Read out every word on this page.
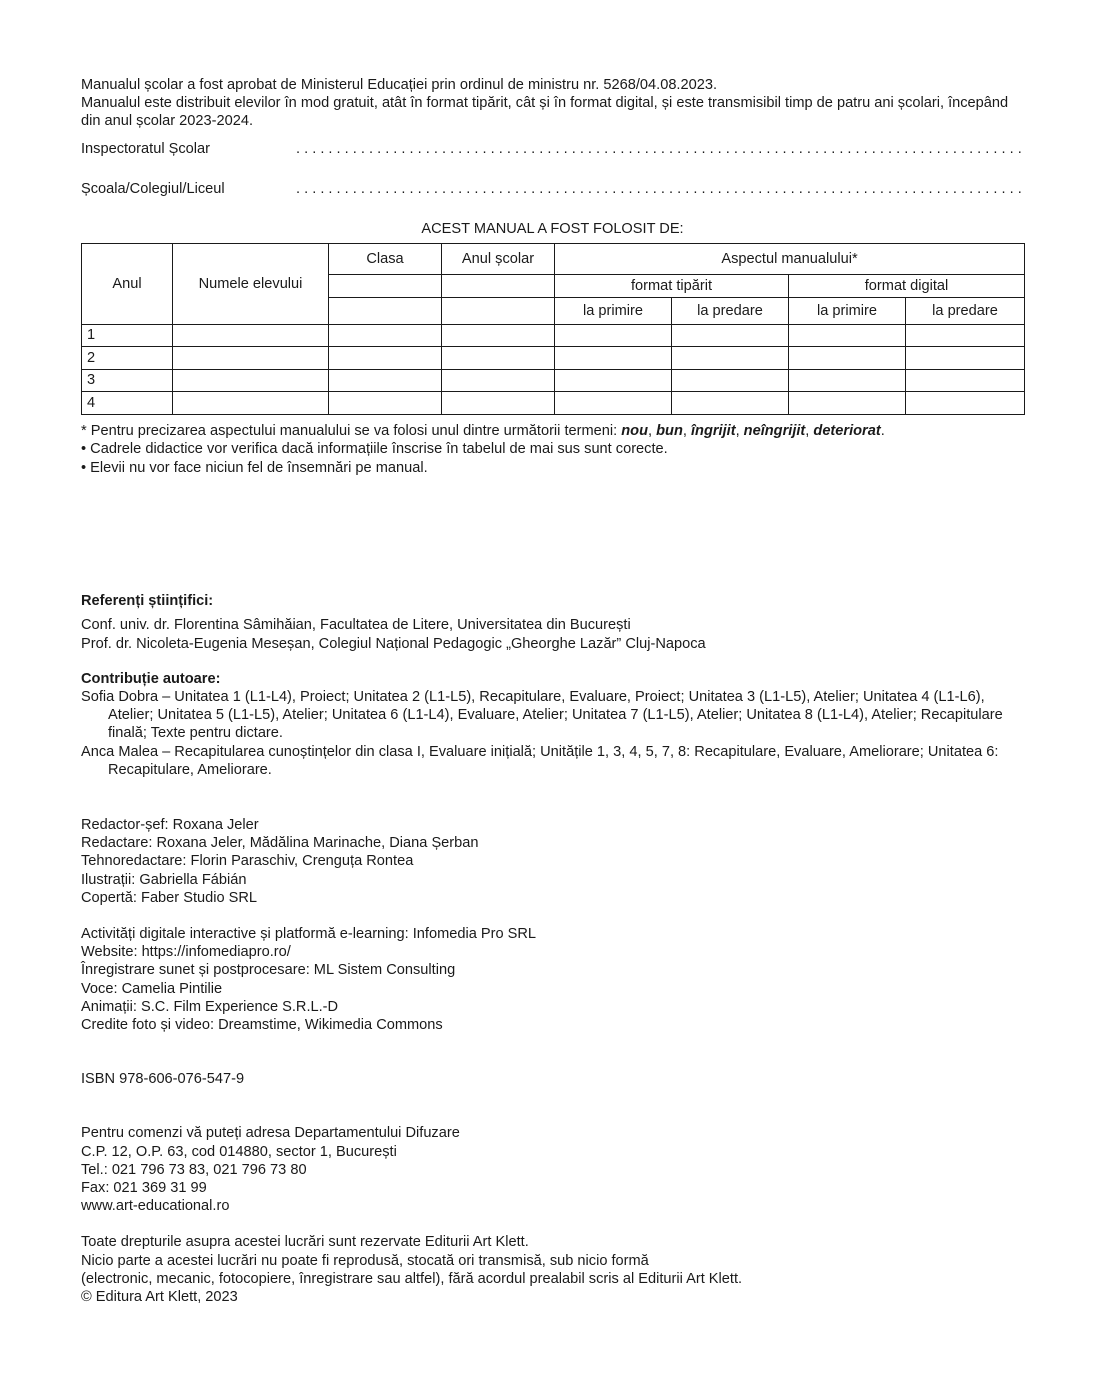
Manualul școlar a fost aprobat de Ministerul Educației prin ordinul de ministru nr. 5268/04.08.2023.
Manualul este distribuit elevilor în mod gratuit, atât în format tipărit, cât și în format digital, și este transmisibil timp de patru ani școlari, începând din anul școlar 2023-2024.
Inspectoratul Școlar
. . .
Școala/Colegiul/Liceul
. . .
ACEST MANUAL A FOST FOLOSIT DE:
Anul	Numele elevului	Clasa	Anul școlar	Aspectul manualului*
		format tipărit	format digital
		la primire	la predare	la primire	la predare
1							
2							
3							
4							
* Pentru precizarea aspectului manualului se va folosi unul dintre următorii termeni: nou, bun, îngrijit, neîngrijit, deteriorat.
• Cadrele didactice vor verifica dacă informațiile înscrise în tabelul de mai sus sunt corecte.
• Elevii nu vor face niciun fel de însemnări pe manual.
Referenți științifici:
Conf. univ. dr. Florentina Sâmihăian, Facultatea de Litere, Universitatea din București
Prof. dr. Nicoleta-Eugenia Meseșan, Colegiul Național Pedagogic „Gheorghe Lazăr” Cluj-Napoca
Contribuție autoare:
Sofia Dobra – Unitatea 1 (L1-L4), Proiect; Unitatea 2 (L1-L5), Recapitulare, Evaluare, Proiect; Unitatea 3 (L1-L5), Atelier; Unitatea 4 (L1-L6), Atelier; Unitatea 5 (L1-L5), Atelier; Unitatea 6 (L1-L4), Evaluare, Atelier; Unitatea 7 (L1-L5), Atelier; Unitatea 8 (L1-L4), Atelier; Recapitulare finală; Texte pentru dictare.
Anca Malea – Recapitularea cunoștințelor din clasa I, Evaluare inițială; Unitățile 1, 3, 4, 5, 7, 8: Recapitulare, Evaluare, Ameliorare; Unitatea 6: Recapitulare, Ameliorare.
Redactor-șef: Roxana Jeler
Redactare: Roxana Jeler, Mădălina Marinache, Diana Șerban
Tehnoredactare: Florin Paraschiv, Crenguța Rontea
Ilustrații: Gabriella Fábián
Copertă: Faber Studio SRL
Activități digitale interactive și platformă e-learning: Infomedia Pro SRL
Website: https://infomediapro.ro/
Înregistrare sunet și postprocesare: ML Sistem Consulting
Voce: Camelia Pintilie
Animații: S.C. Film Experience S.R.L.-D
Credite foto și video: Dreamstime, Wikimedia Commons
ISBN 978-606-076-547-9
Pentru comenzi vă puteți adresa Departamentului Difuzare
C.P. 12, O.P. 63, cod 014880, sector 1, București
Tel.: 021 796 73 83, 021 796 73 80
Fax: 021 369 31 99
www.art-educational.ro
Toate drepturile asupra acestei lucrări sunt rezervate Editurii Art Klett.
Nicio parte a acestei lucrări nu poate fi reprodusă, stocată ori transmisă, sub nicio formă
(electronic, mecanic, fotocopiere, înregistrare sau altfel), fără acordul prealabil scris al Editurii Art Klett.
© Editura Art Klett, 2023
